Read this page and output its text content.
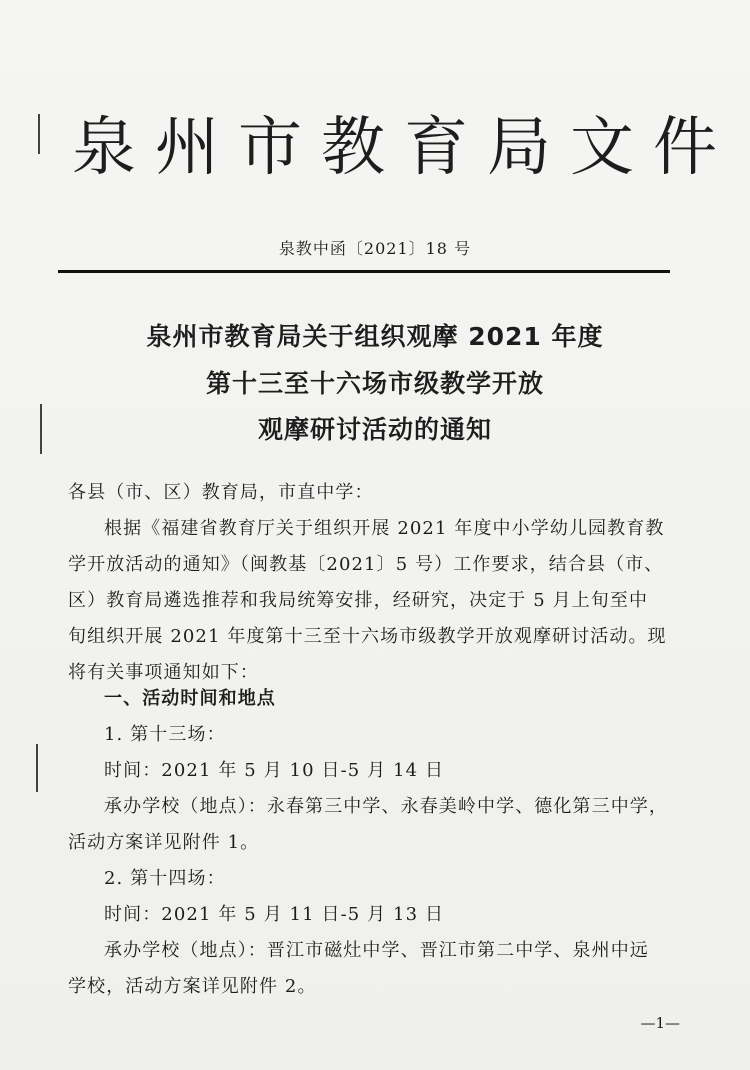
泉州市教育局文件
泉教中函〔2021〕18 号
泉州市教育局关于组织观摩 2021 年度
第十三至十六场市级教学开放
观摩研讨活动的通知
各县（市、区）教育局，市直中学：
根据《福建省教育厅关于组织开展 2021 年度中小学幼儿园教育教
学开放活动的通知》（闽教基〔2021〕5 号）工作要求，结合县（市、
区）教育局遴选推荐和我局统筹安排，经研究，决定于 5 月上旬至中
旬组织开展 2021 年度第十三至十六场市级教学开放观摩研讨活动。现
将有关事项通知如下：
一、活动时间和地点
1. 第十三场：
时间：2021 年 5 月 10 日-5 月 14 日
承办学校（地点）：永春第三中学、永春美岭中学、德化第三中学，
活动方案详见附件 1。
2. 第十四场：
时间：2021 年 5 月 11 日-5 月 13 日
承办学校（地点）：晋江市磁灶中学、晋江市第二中学、泉州中远
学校，活动方案详见附件 2。
—1—
